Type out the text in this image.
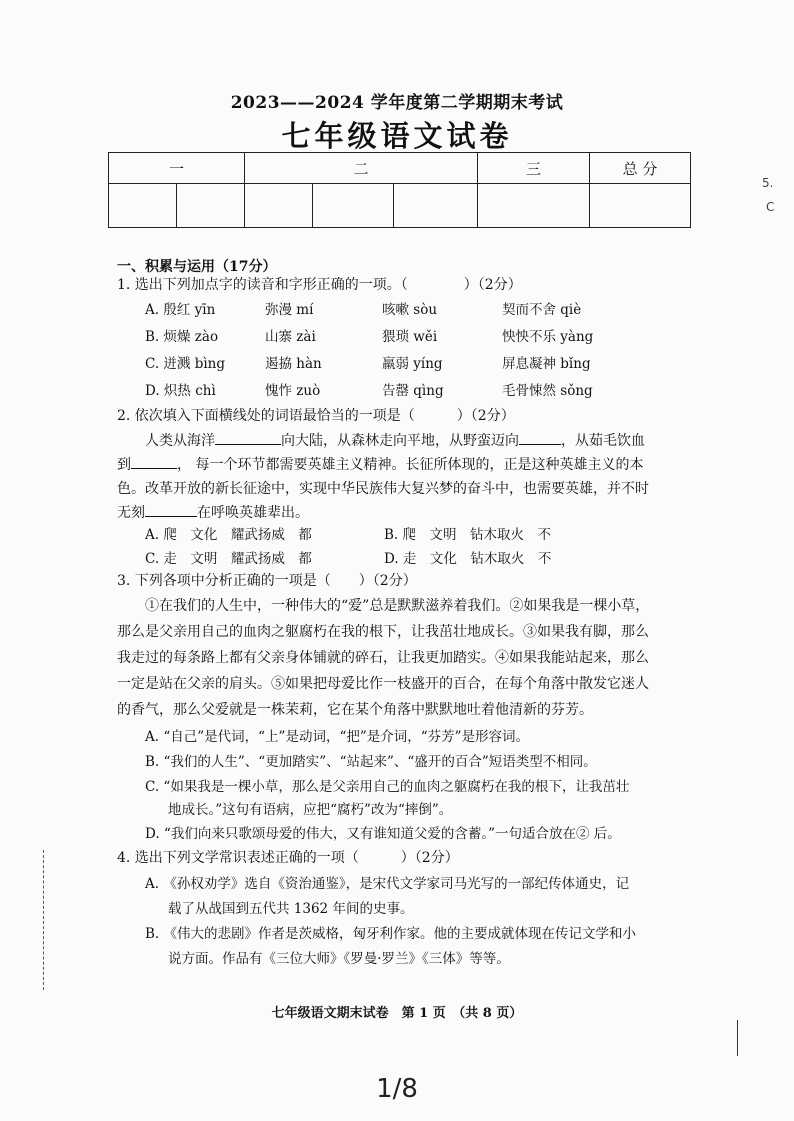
2023——2024 学年度第二学期期末考试
七年级语文试卷
一		二			三	总 分

一、积累与运用（17分）
1. 选出下列加点字的读音和字形正确的一项。（　　　　）（2分）
A. 殷红 yīn	弥漫 mí	咳嗽 sòu	契而不舍 qiè
B. 烦燥 zào	山寨 zài	猥琐 wěi	怏怏不乐 yàng
C. 迸溅 bìng	遏拹 hàn	羸弱 yíng	屏息凝神 bǐng
D. 炽热 chì	愧怍 zuò	告罄 qìng	毛骨悚然 sǒng
2. 依次填入下面横线处的词语最恰当的一项是（　　　）（2分）
人类从海洋	向大陆，从森林走向平地，从野蛮迈向	，从茹毛饮血
到	， 每一个环节都需要英雄主义精神。长征所体现的，正是这种英雄主义的本
色。改革开放的新长征途中，实现中华民族伟大复兴梦的奋斗中，也需要英雄，并不时
无刻	在呼唤英雄辈出。
A. 爬　文化　耀武扬威　都	B. 爬　文明　钻木取火　不
C. 走　文明　耀武扬威　都	D. 走　文化　钻木取火　不
3. 下列各项中分析正确的一项是（　　）（2分）
①在我们的人生中，一种伟大的“爱”总是默默滋养着我们。②如果我是一棵小草，
那么是父亲用自己的血肉之躯腐朽在我的根下，让我茁壮地成长。③如果我有脚，那么
我走过的每条路上都有父亲身体铺就的碎石，让我更加踏实。④如果我能站起来，那么
一定是站在父亲的肩头。⑤如果把母爱比作一枝盛开的百合，在每个角落中散发它迷人
的香气，那么父爱就是一株茉莉，它在某个角落中默默地吐着他清新的芬芳。
A. “自己”是代词，“上”是动词，“把”是介词，“芬芳”是形容词。
B. “我们的人生”、“更加踏实”、“站起来”、“盛开的百合”短语类型不相同。
C. “如果我是一棵小草，那么是父亲用自己的血肉之躯腐朽在我的根下，让我茁壮
地成长。”这句有语病，应把“腐朽”改为“摔倒”。
D. “我们向来只歌颂母爱的伟大，又有谁知道父爱的含蓄。”一句适合放在② 后。
4. 选出下列文学常识表述正确的一项（　　　）（2分）
A. 《孙权劝学》选自《资治通鉴》，是宋代文学家司马光写的一部纪传体通史，记
载了从战国到五代共 1362 年间的史事。
B. 《伟大的悲剧》作者是茨威格，匈牙利作家。他的主要成就体现在传记文学和小
说方面。作品有《三位大师》《罗曼·罗兰》《三体》等等。
七年级语文期末试卷　第 1 页　（共 8 页）
1/8
5.
C
